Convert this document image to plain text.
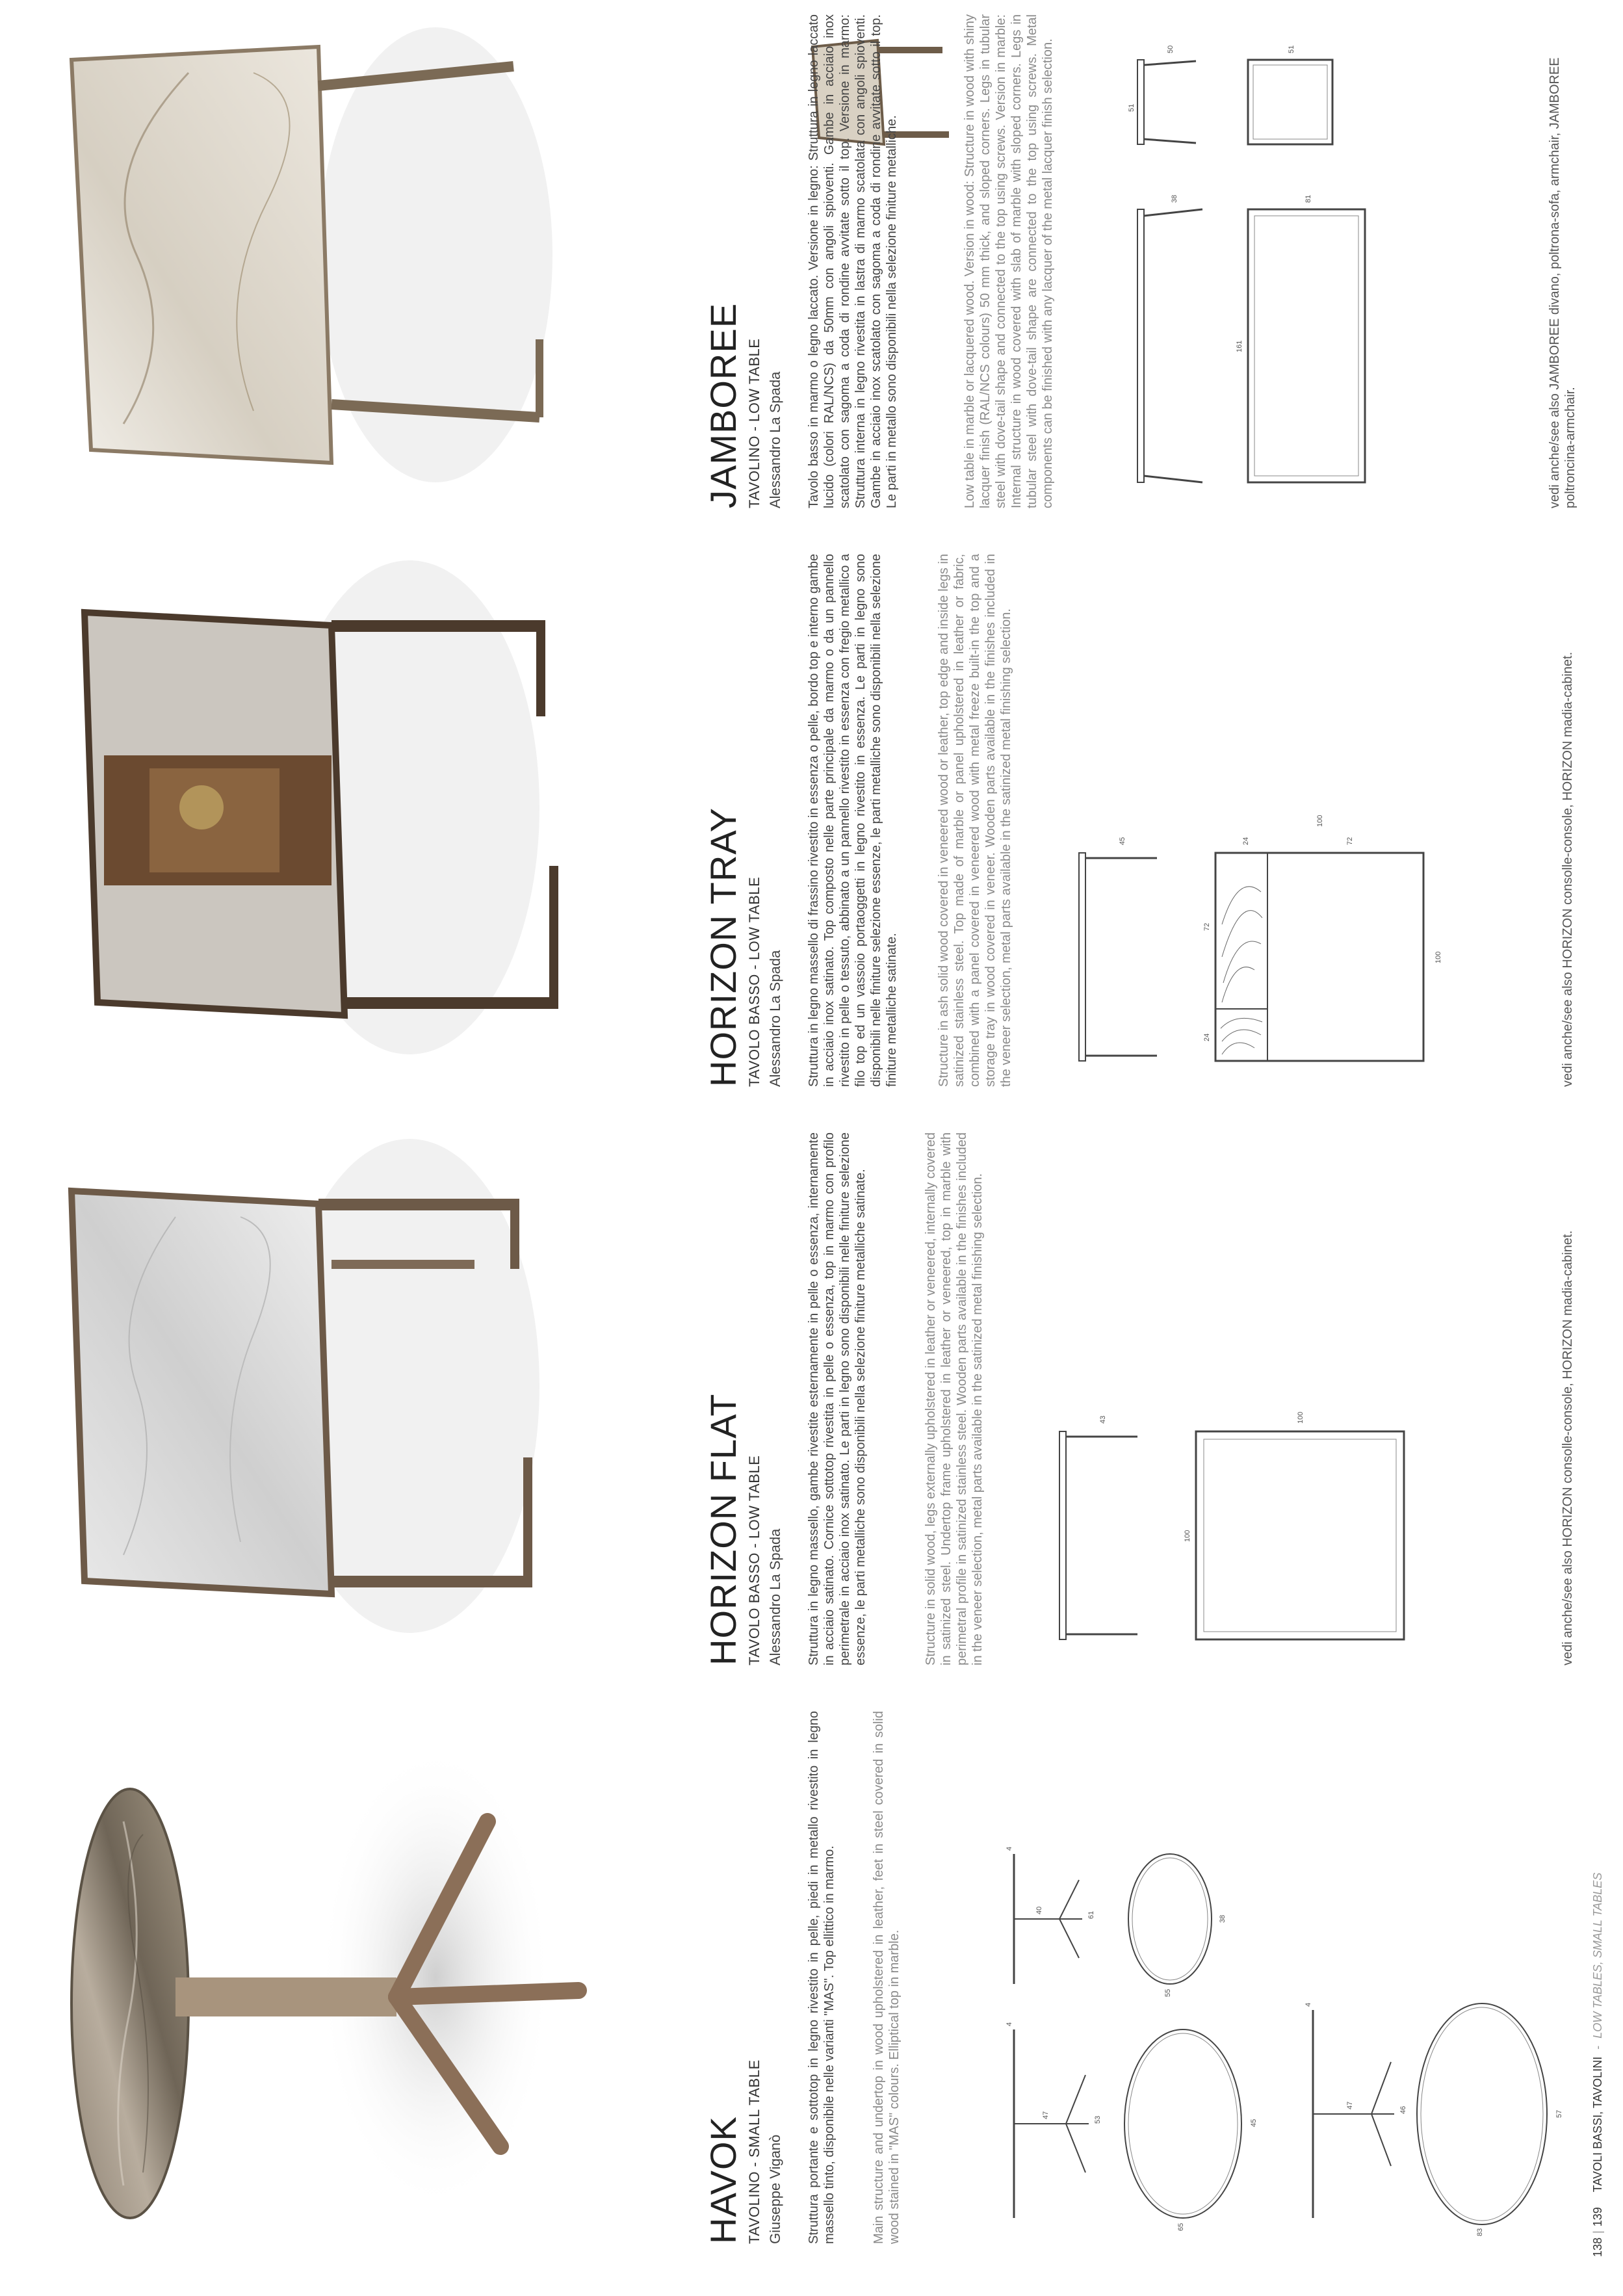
HAVOK TAVOLINO - SMALL TABLE Giuseppe Viganò Struttura portante e sottotop in legno rivestito in pelle, piedi in metallo rivestito in legno massello tinto, disponibile nelle varianti "MAS". Top ellittico in marmo.	Main structure and undertop in wood upholstered in leather, feet in steel covered in solid wood stained in "MAS" colours. Elliptical top in marble.	4
47
53
65
45
4
40
61
55
38
4
47
46
83
57
HORIZON FLAT TAVOLO BASSO - LOW TABLE Alessandro La Spada Struttura in legno massello, gambe rivestite esternamente in pelle o essenza, internamente in acciaio satinato. Cornice sottotop rivestita in pelle o essenza, top in marmo con profilo perimetrale in acciaio inox satinato. Le parti in legno sono disponibili nelle finiture selezione essenze, le parti metalliche sono disponibili nella selezione finiture metalliche satinate.	Structure in solid wood, legs externally upholstered in leather or veneered, internally covered in satinized steel. Undertop frame upholstered in leather or veneered, top in marble with perimetral profile in satinized stainless steel. Wooden parts available in the finishes included in the veneer selection, metal parts available in the satinized metal finishing selection.	43
100
100	vedi anche/see also HORIZON consolle-console, HORIZON madia-cabinet.
HORIZON TRAY TAVOLO BASSO - LOW TABLE Alessandro La Spada Struttura in legno massello di frassino rivestito in essenza o pelle, bordo top e interno gambe in acciaio inox satinato. Top composto nelle parte principale da marmo o da un pannello rivestito in pelle o tessuto, abbinato a un pannello rivestito in essenza con fregio metallico a filo top ed un vassoio portaoggetti in legno rivestito in essenza. Le parti in legno sono disponibili nelle finiture selezione essenze, le parti metalliche sono disponibili nella selezione finiture metalliche satinate.	Structure in ash solid wood covered in veneered wood or leather, top edge and inside legs in satinized stainless steel. Top made of marble or panel upholstered in leather or fabric, combined with a panel covered in veneered wood with metal freeze built-in the top and a storage tray in wood covered in veneer. Wooden parts available in the finishes included in the veneer selection, metal parts available in the satinized metal finishing selection.	45
24
72
24	72
100
100	vedi anche/see also HORIZON consolle-console, HORIZON madia-cabinet.
JAMBOREE TAVOLINO - LOW TABLE Alessandro La Spada Tavolo basso in marmo o legno laccato. Versione in legno: Struttura in legno laccato lucido (colori RAL/NCS) da 50mm con angoli spioventi. Gambe in acciaio inox scatolato con sagoma a coda di rondine avvitate sotto il top. Versione in marmo: Struttura interna in legno rivestita in lastra di marmo scatolata con angoli spioventi. Gambe in acciaio inox scatolato con sagoma a coda di rondine avvitate sotto il top. Le parti in metallo sono disponibili nella selezione finiture metalliche.	Low table in marble or lacquered wood. Version in wood: Structure in wood with shiny lacquer finish (RAL/NCS colours) 50 mm thick, and sloped corners. Legs in tubular steel with dove-tail shape and connected to the top using screws. Version in marble: Internal structure in wood covered with slab of marble with sloped corners. Legs in tubular steel with dove-tail shape are connected to the top using screws. Metal components can be finished with any lacquer of the metal lacquer finish selection.	38
161
81
50
51
51
vedi anche/see also JAMBOREE divano, poltrona-sofa, armchair, JAMBOREE poltroncina-armchair.
138|139 TAVOLI BASSI, TAVOLINI - LOW TABLES, SMALL TABLES
